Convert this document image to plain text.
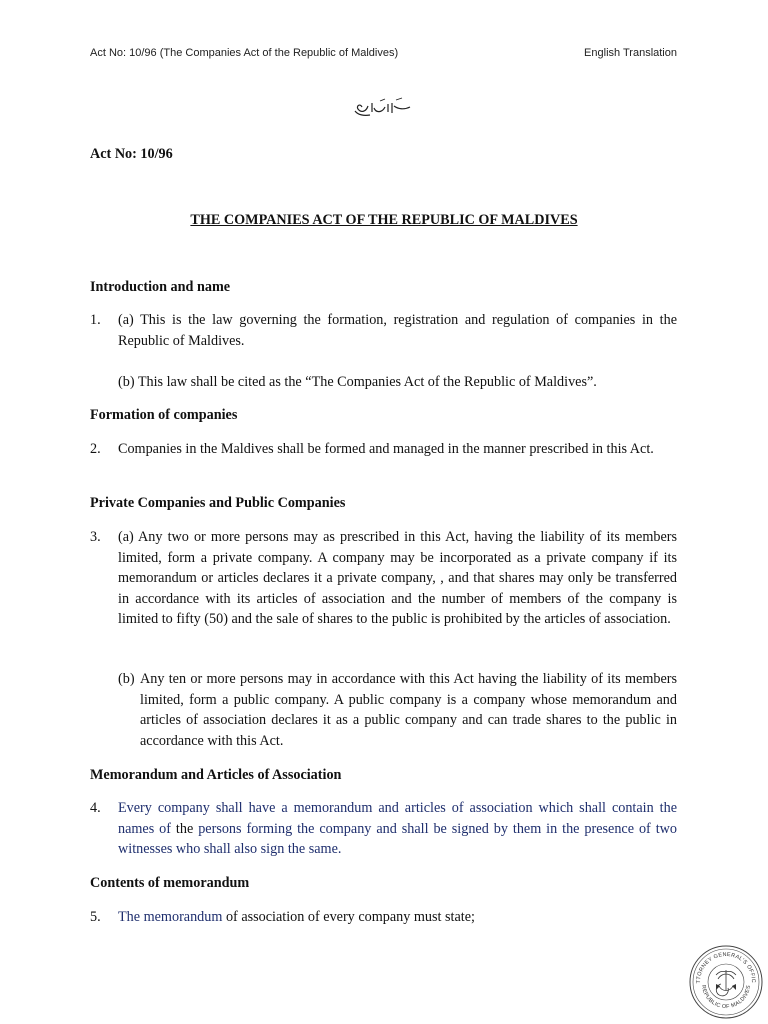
Act No: 10/96 (The Companies Act of the Republic of Maldives)	English Translation
Act No: 10/96
THE COMPANIES ACT OF THE REPUBLIC OF MALDIVES
Introduction and name
1. (a) This is the law governing the formation, registration and regulation of companies in the Republic of Maldives.
(b) This law shall be cited as the “The Companies Act of the Republic of Maldives”.
Formation of companies
2. Companies in the Maldives shall be formed and managed in the manner prescribed in this Act.
Private Companies and Public Companies
3. (a) Any two or more persons may as prescribed in this Act, having the liability of its members limited, form a private company. A company may be incorporated as a private company if its memorandum or articles declares it a private company, , and that shares may only be transferred in accordance with its articles of association and the number of members of the company is limited to fifty (50) and the sale of shares to the public is prohibited by the articles of association.
(b) Any ten or more persons may in accordance with this Act having the liability of its members limited, form a public company. A public company is a company whose memorandum and articles of association declares it as a public company and can trade shares to the public in accordance with this Act.
Memorandum and Articles of Association
4. Every company shall have a memorandum and articles of association which shall contain the names of the persons forming the company and shall be signed by them in the presence of two witnesses who shall also sign the same.
Contents of memorandum
5. The memorandum of association of every company must state;
TTORNEY GENERAL'S OFFIC
REPUBLIC OF MALDIVES
